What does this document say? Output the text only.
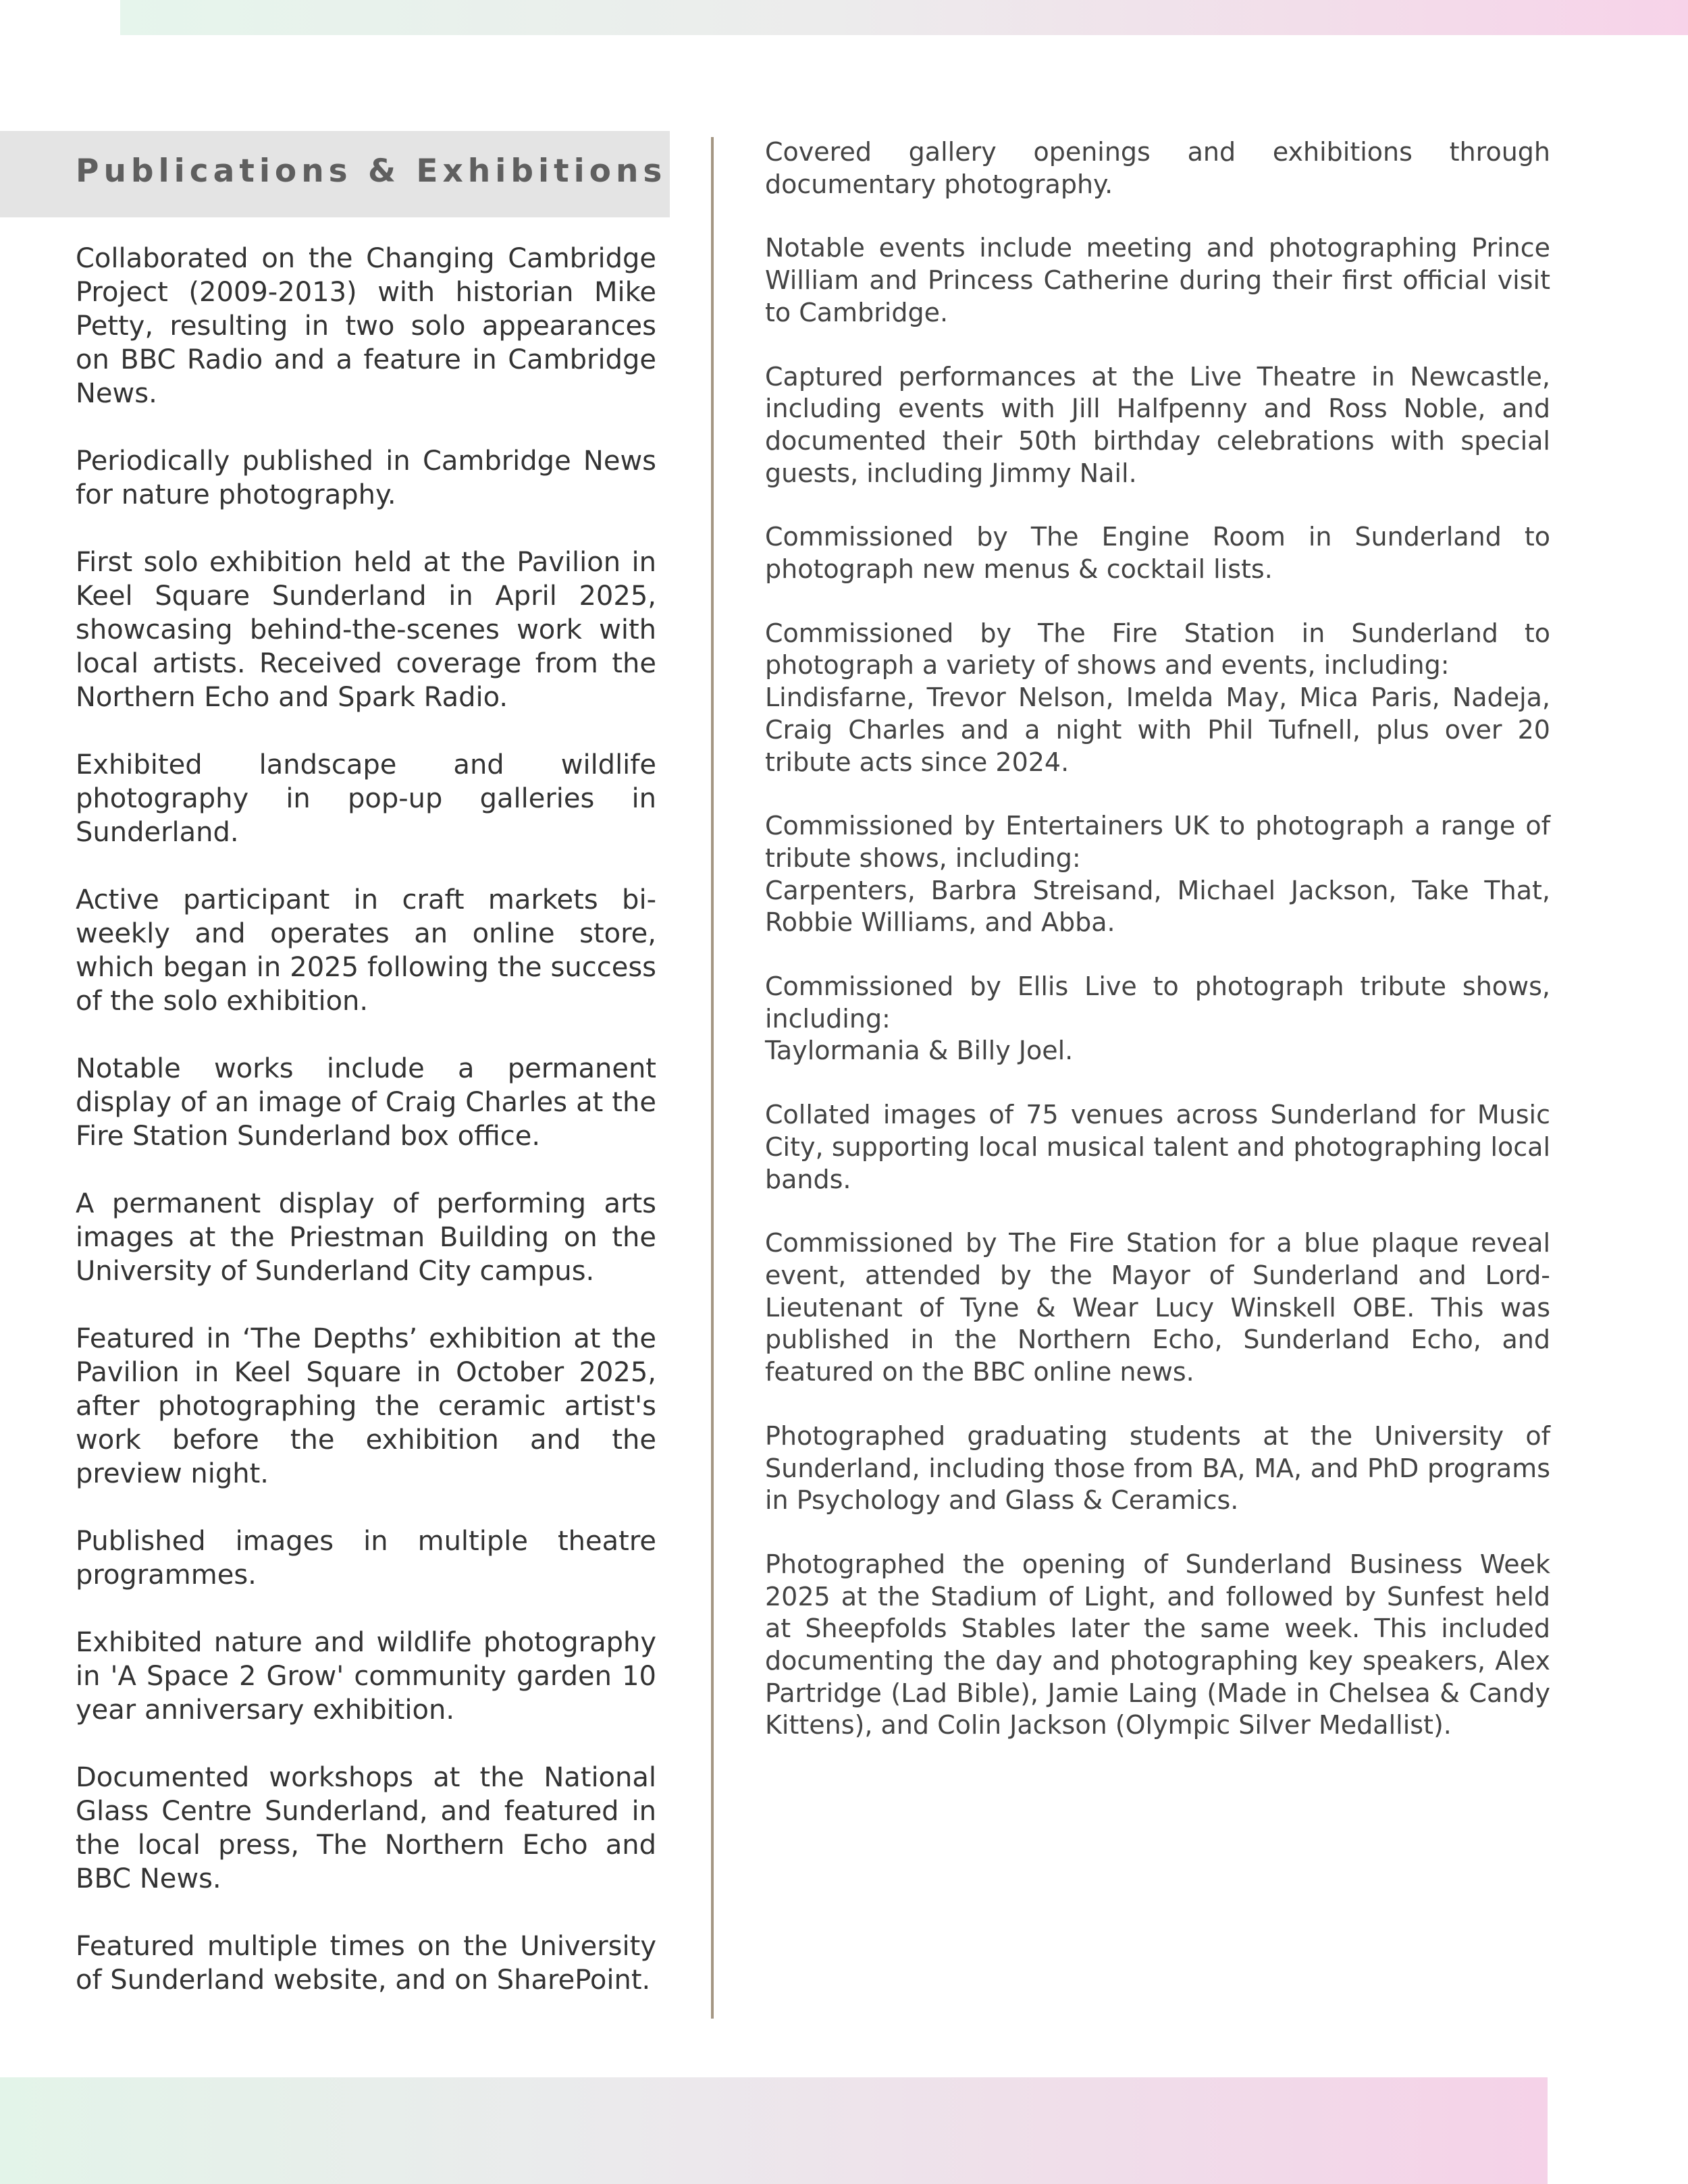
Publications & Exhibitions

Collaborated on the Changing Cambridge Project (2009-2013) with historian Mike Petty, resulting in two solo appearances on BBC Radio and a feature in Cambridge News.

Periodically published in Cambridge News for nature photography.

First solo exhibition held at the Pavilion in Keel Square Sunderland in April 2025, showcasing behind-the-scenes work with local artists. Received coverage from the Northern Echo and Spark Radio.

Exhibited landscape and wildlife photography in pop-up galleries in Sunderland.

Active participant in craft markets bi-weekly and operates an online store, which began in 2025 following the success of the solo exhibition.

Notable works include a permanent display of an image of Craig Charles at the Fire Station Sunderland box office.

A permanent display of performing arts images at the Priestman Building on the University of Sunderland City campus.

Featured in ‘The Depths’ exhibition at the Pavilion in Keel Square in October 2025, after photographing the ceramic artist's work before the exhibition and the preview night.

Published images in multiple theatre programmes.

Exhibited nature and wildlife photography in 'A Space 2 Grow' community garden 10 year anniversary exhibition.

Documented workshops at the National Glass Centre Sunderland, and featured in the local press, The Northern Echo and BBC News.

Featured multiple times on the University of Sunderland website, and on SharePoint.

Covered gallery openings and exhibitions through documentary photography.

Notable events include meeting and photographing Prince William and Princess Catherine during their first official visit to Cambridge.

Captured performances at the Live Theatre in Newcastle, including events with Jill Halfpenny and Ross Noble, and documented their 50th birthday celebrations with special guests, including Jimmy Nail.

Commissioned by The Engine Room in Sunderland to photograph new menus & cocktail lists.

Commissioned by The Fire Station in Sunderland to photograph a variety of shows and events, including:
Lindisfarne, Trevor Nelson, Imelda May, Mica Paris, Nadeja, Craig Charles and a night with Phil Tufnell, plus over 20 tribute acts since 2024.

Commissioned by Entertainers UK to photograph a range of tribute shows, including:
Carpenters, Barbra Streisand, Michael Jackson, Take That, Robbie Williams, and Abba.

Commissioned by Ellis Live to photograph tribute shows, including:
Taylormania & Billy Joel.

Collated images of 75 venues across Sunderland for Music City, supporting local musical talent and photographing local bands.

Commissioned by The Fire Station for a blue plaque reveal event, attended by the Mayor of Sunderland and Lord-Lieutenant of Tyne & Wear Lucy Winskell OBE. This was published in the Northern Echo, Sunderland Echo, and featured on the BBC online news.

Photographed graduating students at the University of Sunderland, including those from BA, MA, and PhD programs in Psychology and Glass & Ceramics.

Photographed the opening of Sunderland Business Week 2025 at the Stadium of Light, and followed by Sunfest held at Sheepfolds Stables later the same week. This included documenting the day and photographing key speakers, Alex Partridge (Lad Bible), Jamie Laing (Made in Chelsea & Candy Kittens), and Colin Jackson (Olympic Silver Medallist).
